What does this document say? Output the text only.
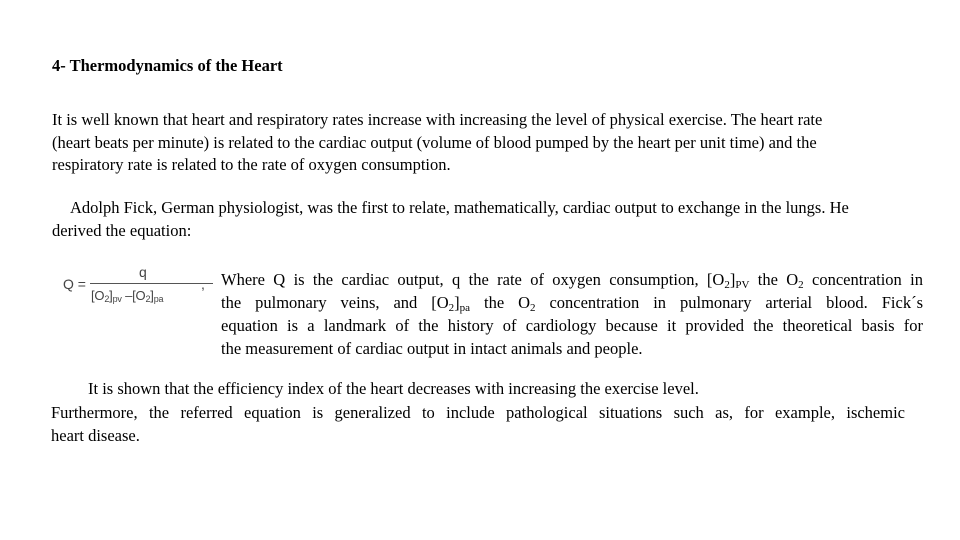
4- Thermodynamics of the Heart
It is well known that heart and respiratory rates increase with increasing the level of physical exercise. The heart rate
(heart beats per minute) is related to the cardiac output (volume of blood pumped by the heart per unit time) and the
respiratory rate is related to the rate of oxygen consumption.
Adolph Fick, German physiologist, was the first to relate, mathematically, cardiac output to exchange in the lungs. He
derived the equation:
Q =
q
$[O_2]_{pv}$ $-[O_2]_{pa}$
, Where Q is the cardiac output, q the rate of oxygen consumption, $[O_2]_{PV}$ the $O_2$ concentration in
the pulmonary veins, and $[O_2]_{pa}$ the $O_2$ concentration in pulmonary arterial blood. Fick´s
equation is a landmark of the history of cardiology because it provided the theoretical basis for
the measurement of cardiac output in intact animals and people.
It is shown that the efficiency index of the heart decreases with increasing the exercise level.
Furthermore, the referred equation is generalized to include pathological situations such as, for example, ischemic
heart disease.
